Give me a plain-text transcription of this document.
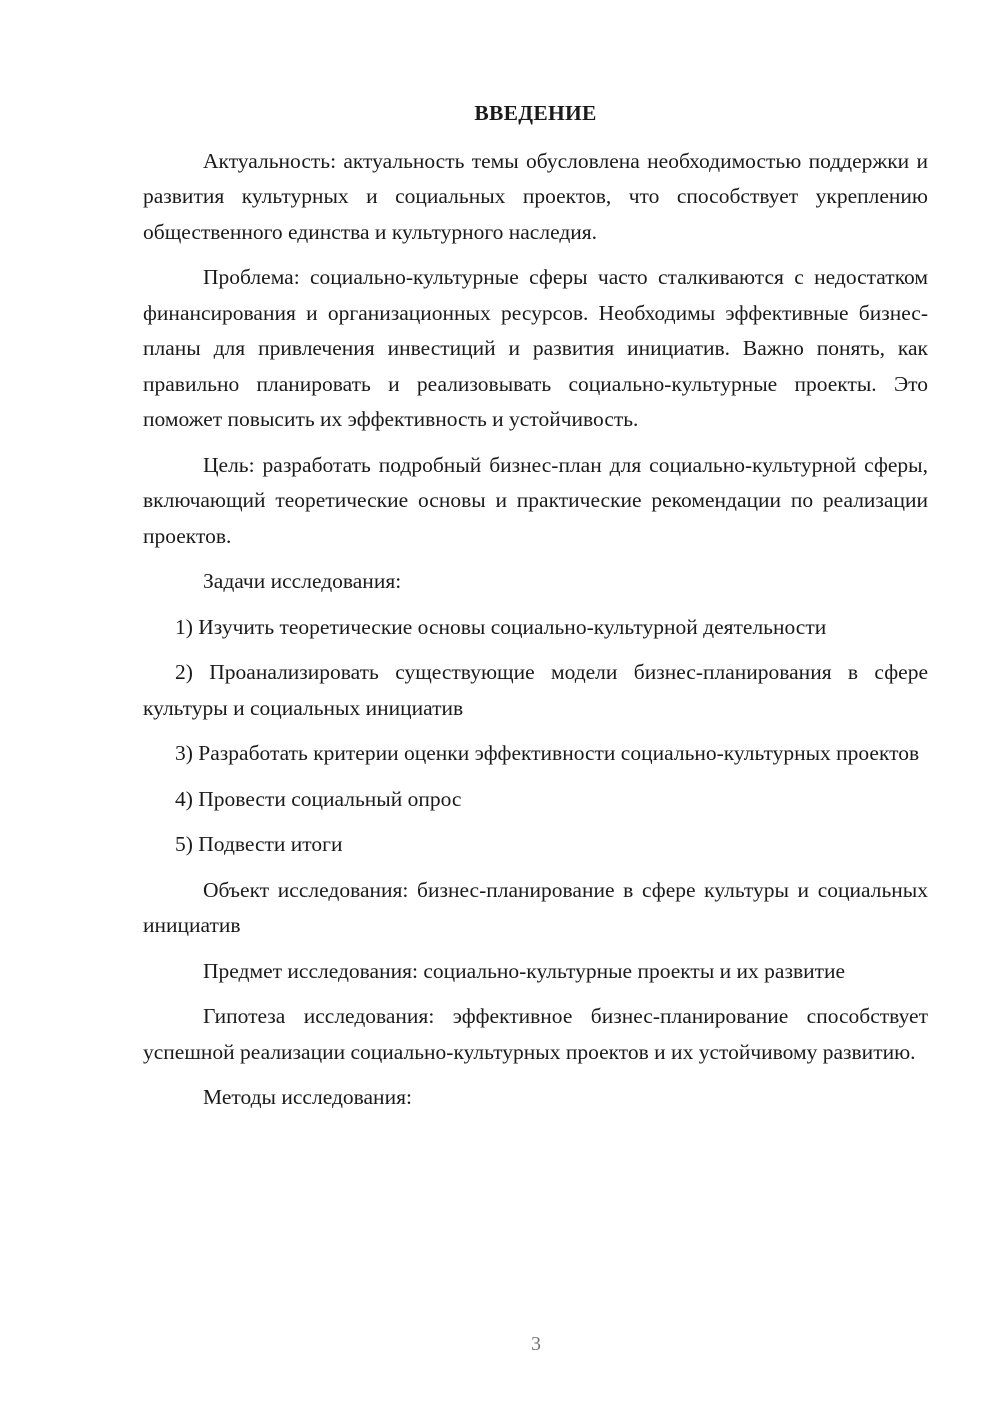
ВВЕДЕНИЕ

Актуальность: актуальность темы обусловлена необходимостью поддержки и развития культурных и социальных проектов, что способствует укреплению общественного единства и культурного наследия.

Проблема: социально-культурные сферы часто сталкиваются с недостатком финансирования и организационных ресурсов. Необходимы эффективные бизнес-планы для привлечения инвестиций и развития инициатив. Важно понять, как правильно планировать и реализовывать социально-культурные проекты. Это поможет повысить их эффективность и устойчивость.

Цель: разработать подробный бизнес-план для социально-культурной сферы, включающий теоретические основы и практические рекомендации по реализации проектов.

Задачи исследования:

1) Изучить теоретические основы социально-культурной деятельности

2) Проанализировать существующие модели бизнес-планирования в сфере культуры и социальных инициатив

3) Разработать критерии оценки эффективности социально-культурных проектов

4) Провести социальный опрос

5) Подвести итоги

Объект исследования: бизнес-планирование в сфере культуры и социальных инициатив

Предмет исследования: социально-культурные проекты и их развитие

Гипотеза исследования: эффективное бизнес-планирование способствует успешной реализации социально-культурных проектов и их устойчивому развитию.

Методы исследования:

3
